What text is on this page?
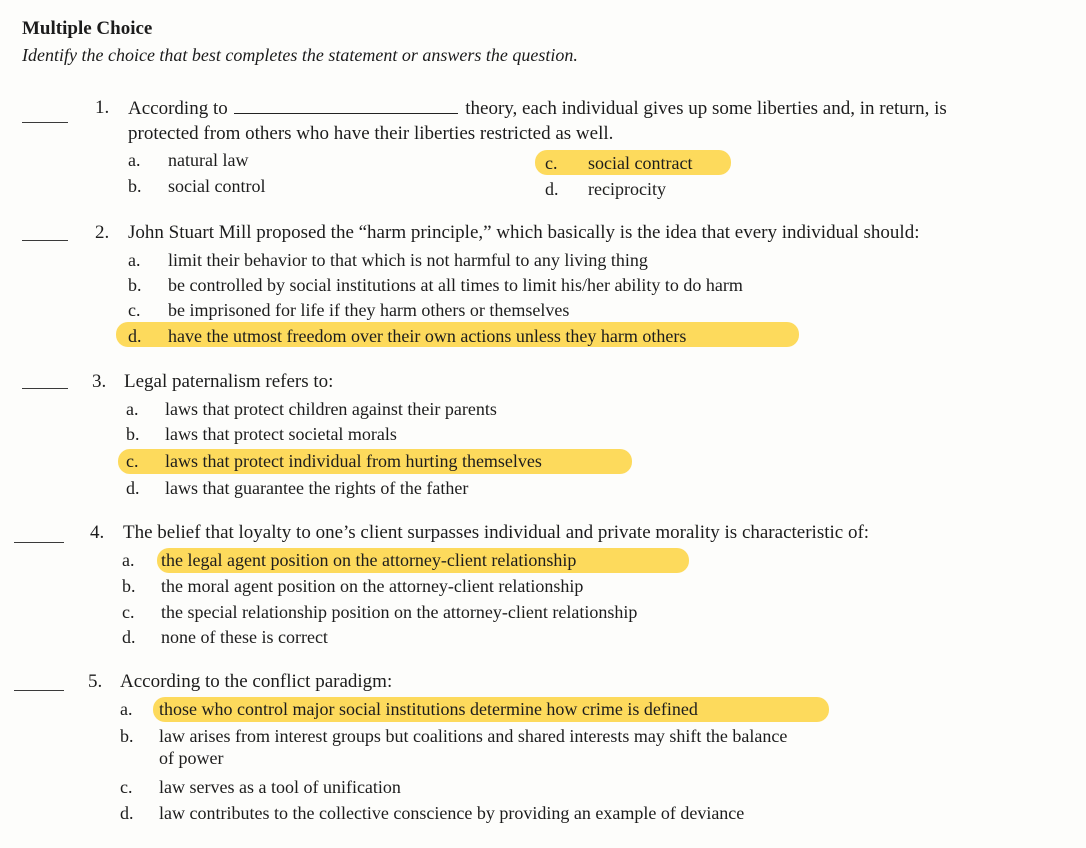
Multiple Choice
Identify the choice that best completes the statement or answers the question.
1. According to	theory, each individual gives up some liberties and, in return, is
protected from others who have their liberties restricted as well.
a. natural law
b. social control
c. social contract
d. reciprocity
2. John Stuart Mill proposed the “harm principle,” which basically is the idea that every individual should:
a. limit their behavior to that which is not harmful to any living thing
b. be controlled by social institutions at all times to limit his/her ability to do harm
c. be imprisoned for life if they harm others or themselves
d. have the utmost freedom over their own actions unless they harm others
3. Legal paternalism refers to:
a. laws that protect children against their parents
b. laws that protect societal morals
c. laws that protect individual from hurting themselves
d. laws that guarantee the rights of the father
4. The belief that loyalty to one’s client surpasses individual and private morality is characteristic of:
a. the legal agent position on the attorney-client relationship
b. the moral agent position on the attorney-client relationship
c. the special relationship position on the attorney-client relationship
d. none of these is correct
5. According to the conflict paradigm:
a. those who control major social institutions determine how crime is defined
b. law arises from interest groups but coalitions and shared interests may shift the balance
of power
c. law serves as a tool of unification
d. law contributes to the collective conscience by providing an example of deviance
